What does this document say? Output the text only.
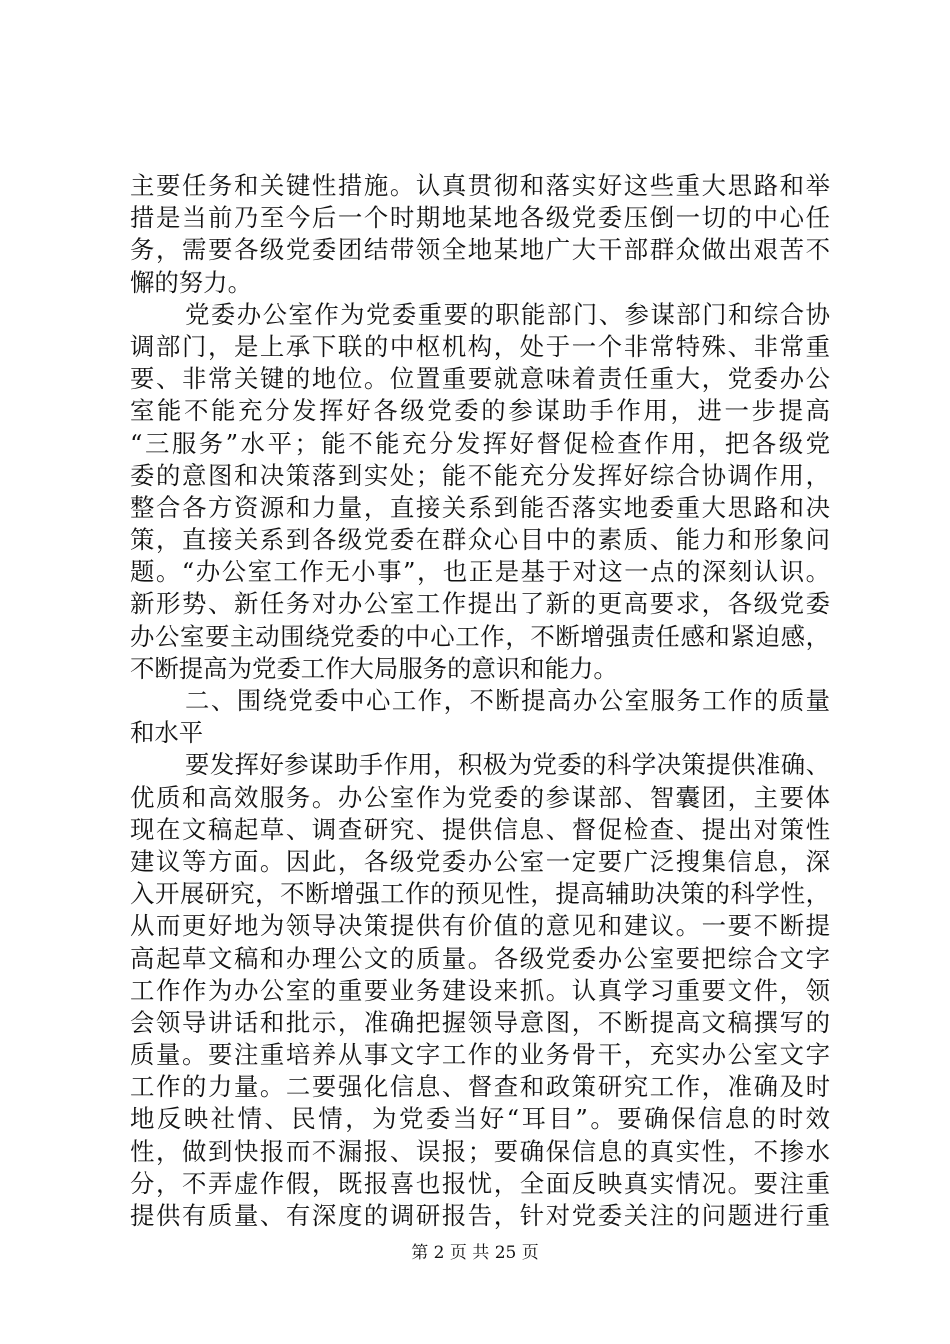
主要任务和关键性措施。认真贯彻和落实好这些重大思路和举
措是当前乃至今后一个时期地某地各级党委压倒一切的中心任
务，需要各级党委团结带领全地某地广大干部群众做出艰苦不
懈的努力。
党委办公室作为党委重要的职能部门、参谋部门和综合协
调部门，是上承下联的中枢机构，处于一个非常特殊、非常重
要、非常关键的地位。位置重要就意味着责任重大，党委办公
室能不能充分发挥好各级党委的参谋助手作用，进一步提高
“三服务”水平；能不能充分发挥好督促检查作用，把各级党
委的意图和决策落到实处；能不能充分发挥好综合协调作用，
整合各方资源和力量，直接关系到能否落实地委重大思路和决
策，直接关系到各级党委在群众心目中的素质、能力和形象问
题。“办公室工作无小事”，也正是基于对这一点的深刻认识。
新形势、新任务对办公室工作提出了新的更高要求，各级党委
办公室要主动围绕党委的中心工作，不断增强责任感和紧迫感，
不断提高为党委工作大局服务的意识和能力。
二、围绕党委中心工作，不断提高办公室服务工作的质量
和水平
要发挥好参谋助手作用，积极为党委的科学决策提供准确、
优质和高效服务。办公室作为党委的参谋部、智囊团，主要体
现在文稿起草、调查研究、提供信息、督促检查、提出对策性
建议等方面。因此，各级党委办公室一定要广泛搜集信息，深
入开展研究，不断增强工作的预见性，提高辅助决策的科学性，
从而更好地为领导决策提供有价值的意见和建议。一要不断提
高起草文稿和办理公文的质量。各级党委办公室要把综合文字
工作作为办公室的重要业务建设来抓。认真学习重要文件，领
会领导讲话和批示，准确把握领导意图，不断提高文稿撰写的
质量。要注重培养从事文字工作的业务骨干，充实办公室文字
工作的力量。二要强化信息、督查和政策研究工作，准确及时
地反映社情、民情，为党委当好“耳目”。要确保信息的时效
性，做到快报而不漏报、误报；要确保信息的真实性，不掺水
分，不弄虚作假，既报喜也报忧，全面反映真实情况。要注重
提供有质量、有深度的调研报告，针对党委关注的问题进行重
第 2 页 共 25 页
